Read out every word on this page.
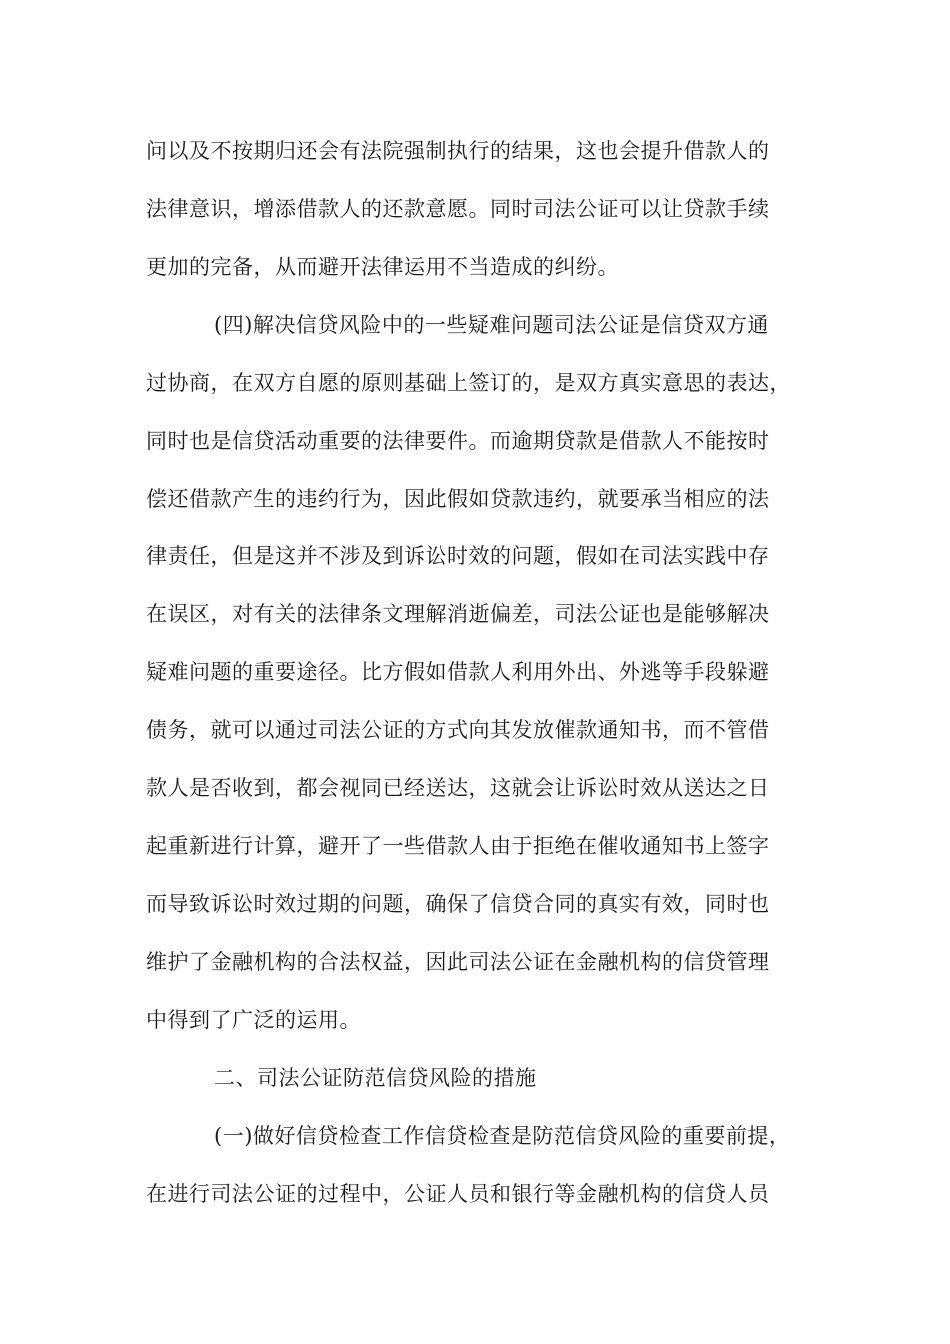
问以及不按期归还会有法院强制执行的结果，这也会提升借款人的

法律意识，增添借款人的还款意愿。同时司法公证可以让贷款手续

更加的完备，从而避开法律运用不当造成的纠纷。

(四)解决信贷风险中的一些疑难问题司法公证是信贷双方通

过协商，在双方自愿的原则基础上签订的，是双方真实意思的表达，

同时也是信贷活动重要的法律要件。而逾期贷款是借款人不能按时

偿还借款产生的违约行为，因此假如贷款违约，就要承当相应的法

律责任，但是这并不涉及到诉讼时效的问题，假如在司法实践中存

在误区，对有关的法律条文理解消逝偏差，司法公证也是能够解决

疑难问题的重要途径。比方假如借款人利用外出、外逃等手段躲避

债务，就可以通过司法公证的方式向其发放催款通知书，而不管借

款人是否收到，都会视同已经送达，这就会让诉讼时效从送达之日

起重新进行计算，避开了一些借款人由于拒绝在催收通知书上签字

而导致诉讼时效过期的问题，确保了信贷合同的真实有效，同时也

维护了金融机构的合法权益，因此司法公证在金融机构的信贷管理

中得到了广泛的运用。

二、司法公证防范信贷风险的措施

(一)做好信贷检查工作信贷检查是防范信贷风险的重要前提，

在进行司法公证的过程中，公证人员和银行等金融机构的信贷人员
